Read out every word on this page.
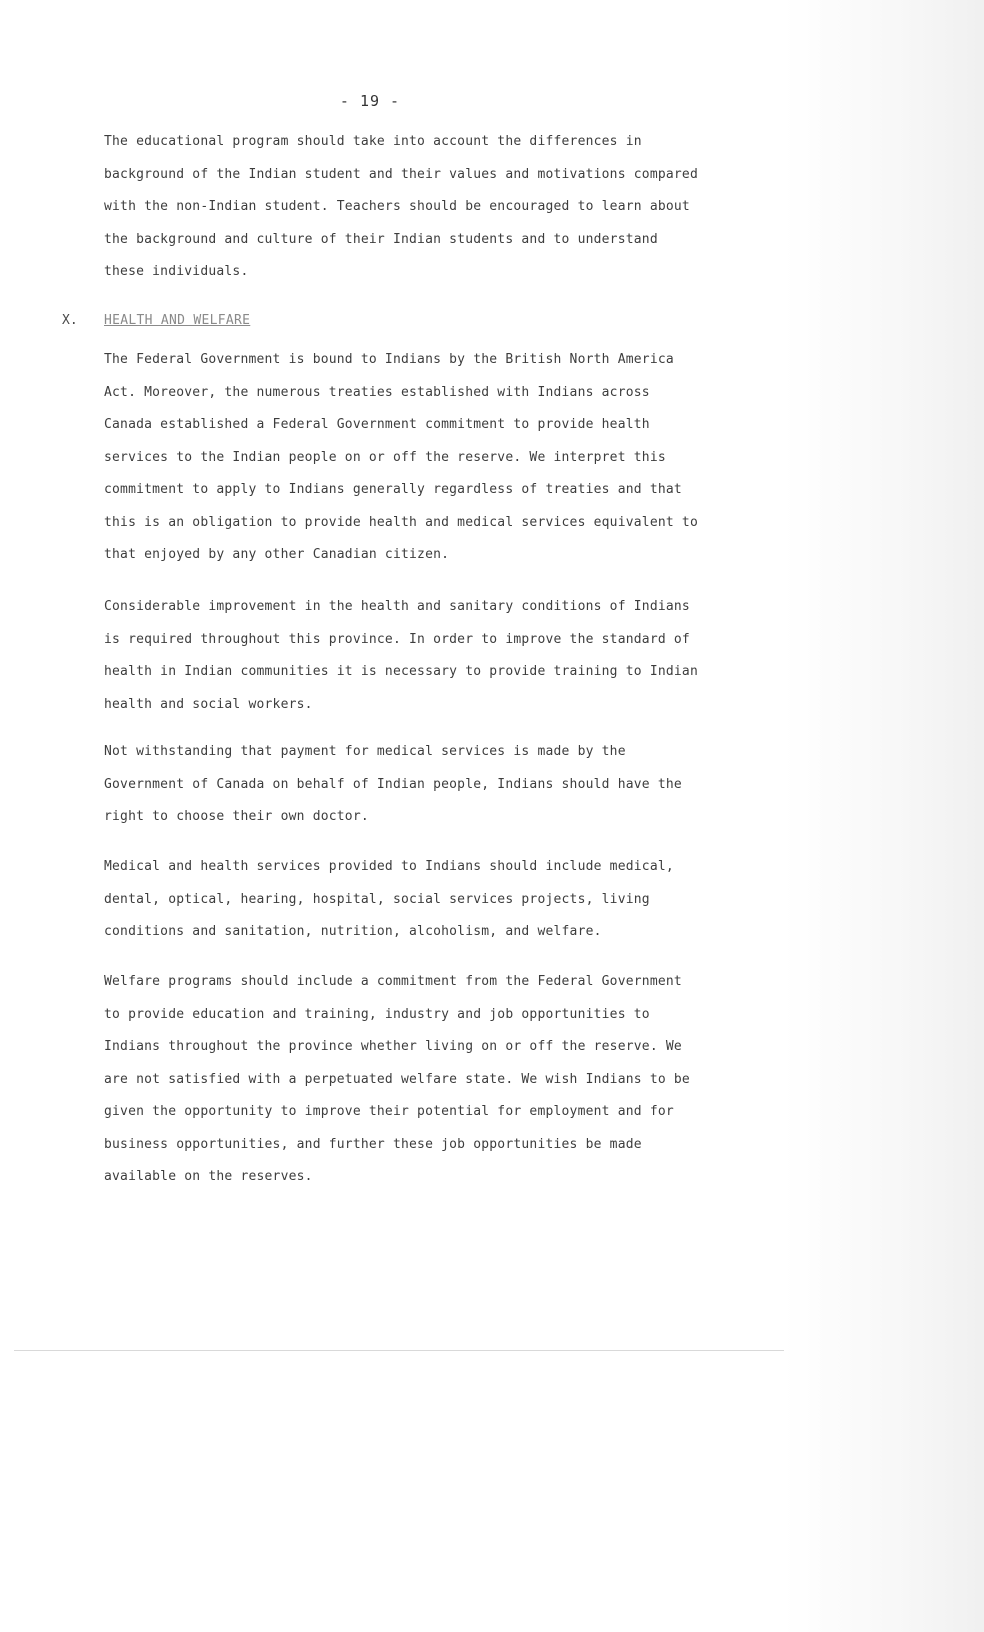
- 19 -

The educational program should take into account the differences in background of the Indian student and their values and motivations compared with the non-Indian student. Teachers should be encouraged to learn about the background and culture of their Indian students and to understand these individuals.

X. HEALTH AND WELFARE

The Federal Government is bound to Indians by the British North America Act. Moreover, the numerous treaties established with Indians across Canada established a Federal Government commitment to provide health services to the Indian people on or off the reserve. We interpret this commitment to apply to Indians generally regardless of treaties and that this is an obligation to provide health and medical services equivalent to that enjoyed by any other Canadian citizen.

Considerable improvement in the health and sanitary conditions of Indians is required throughout this province. In order to improve the standard of health in Indian communities it is necessary to provide training to Indian health and social workers.

Not withstanding that payment for medical services is made by the Government of Canada on behalf of Indian people, Indians should have the right to choose their own doctor.

Medical and health services provided to Indians should include medical, dental, optical, hearing, hospital, social services projects, living conditions and sanitation, nutrition, alcoholism, and welfare.

Welfare programs should include a commitment from the Federal Government to provide education and training, industry and job opportunities to Indians throughout the province whether living on or off the reserve. We are not satisfied with a perpetuated welfare state. We wish Indians to be given the opportunity to improve their potential for employment and for business opportunities, and further these job opportunities be made available on the reserves.
